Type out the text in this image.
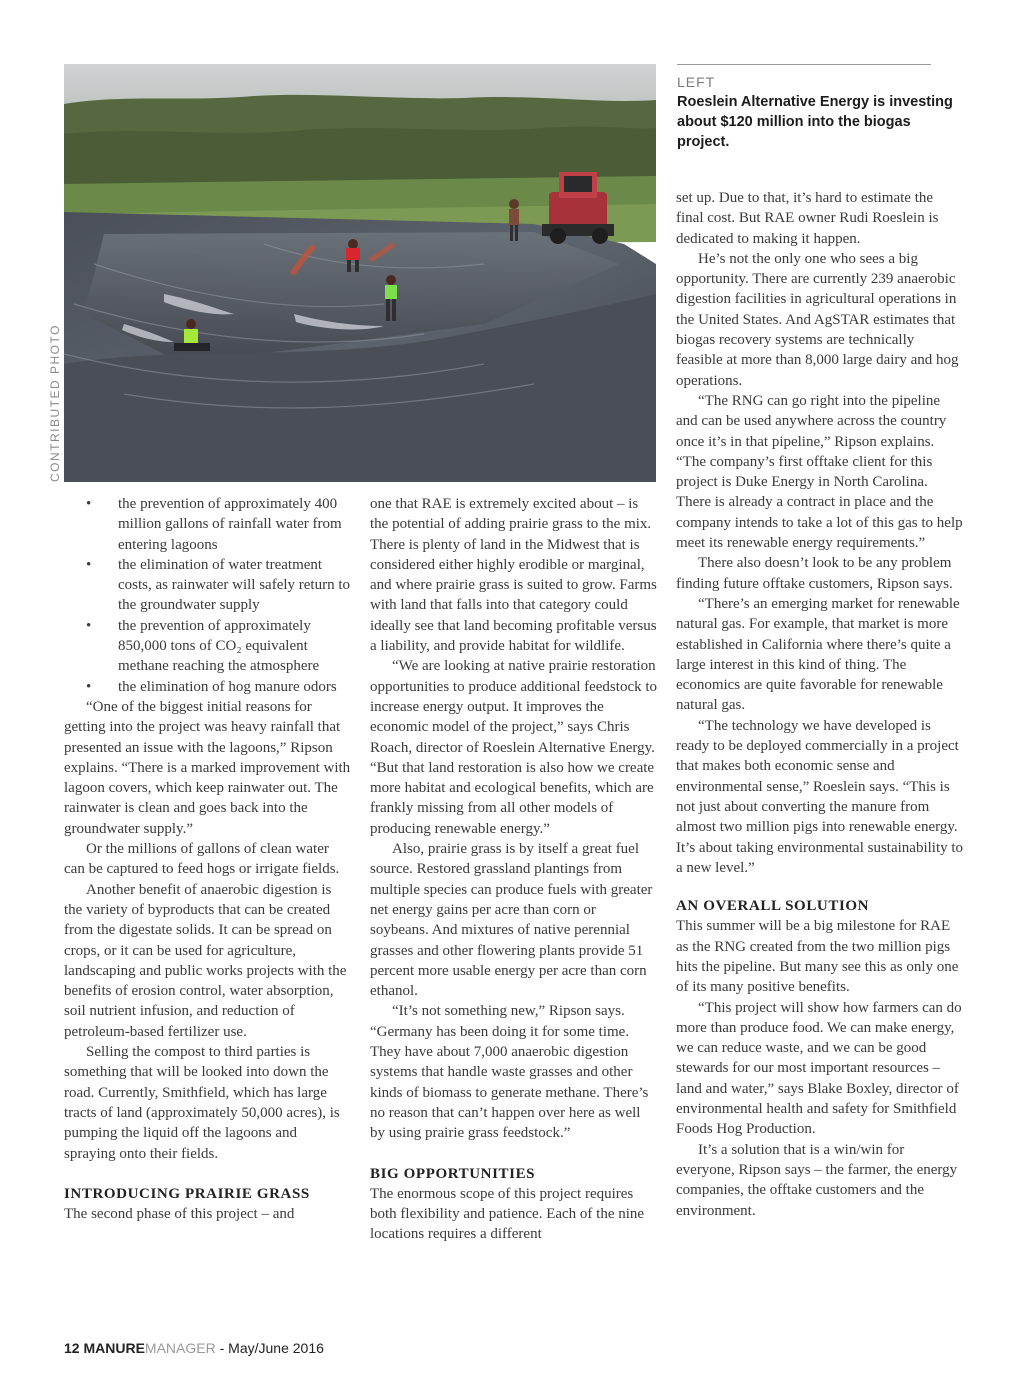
CONTRIBUTED PHOTO
LEFT
Roeslein Alternative Energy is investing about $120 million into the biogas project.
• the prevention of approximately 400 million gallons of rainfall water from entering lagoons
• the elimination of water treatment costs, as rainwater will safely return to the groundwater supply
• the prevention of approximately 850,000 tons of CO₂ equivalent methane reaching the atmosphere
• the elimination of hog manure odors

“One of the biggest initial reasons for getting into the project was heavy rainfall that presented an issue with the lagoons,” Ripson explains. “There is a marked improvement with lagoon covers, which keep rainwater out. The rainwater is clean and goes back into the groundwater supply.”

Or the millions of gallons of clean water can be captured to feed hogs or irrigate fields.

Another benefit of anaerobic digestion is the variety of byproducts that can be created from the digestate solids. It can be spread on crops, or it can be used for agriculture, landscaping and public works projects with the benefits of erosion control, water absorption, soil nutrient infusion, and reduction of petroleum-based fertilizer use.

Selling the compost to third parties is something that will be looked into down the road. Currently, Smithfield, which has large tracts of land (approximately 50,000 acres), is pumping the liquid off the lagoons and spraying onto their fields.

INTRODUCING PRAIRIE GRASS

The second phase of this project – and

one that RAE is extremely excited about – is the potential of adding prairie grass to the mix. There is plenty of land in the Midwest that is considered either highly erodible or marginal, and where prairie grass is suited to grow. Farms with land that falls into that category could ideally see that land becoming profitable versus a liability, and provide habitat for wildlife.

“We are looking at native prairie restoration opportunities to produce additional feedstock to increase energy output. It improves the economic model of the project,” says Chris Roach, director of Roeslein Alternative Energy. “But that land restoration is also how we create more habitat and ecological benefits, which are frankly missing from all other models of producing renewable energy.”

Also, prairie grass is by itself a great fuel source. Restored grassland plantings from multiple species can produce fuels with greater net energy gains per acre than corn or soybeans. And mixtures of native perennial grasses and other flowering plants provide 51 percent more usable energy per acre than corn ethanol.

“It’s not something new,” Ripson says. “Germany has been doing it for some time. They have about 7,000 anaerobic digestion systems that handle waste grasses and other kinds of biomass to generate methane. There’s no reason that can’t happen over here as well by using prairie grass feedstock.”

BIG OPPORTUNITIES

The enormous scope of this project requires both flexibility and patience. Each of the nine locations requires a different

set up. Due to that, it’s hard to estimate the final cost. But RAE owner Rudi Roeslein is dedicated to making it happen.

He’s not the only one who sees a big opportunity. There are currently 239 anaerobic digestion facilities in agricultural operations in the United States. And AgSTAR estimates that biogas recovery systems are technically feasible at more than 8,000 large dairy and hog operations.

“The RNG can go right into the pipeline and can be used anywhere across the country once it’s in that pipeline,” Ripson explains. “The company’s first offtake client for this project is Duke Energy in North Carolina. There is already a contract in place and the company intends to take a lot of this gas to help meet its renewable energy requirements.”

There also doesn’t look to be any problem finding future offtake customers, Ripson says.

“There’s an emerging market for renewable natural gas. For example, that market is more established in California where there’s quite a large interest in this kind of thing. The economics are quite favorable for renewable natural gas.

“The technology we have developed is ready to be deployed commercially in a project that makes both economic sense and environmental sense,” Roeslein says. “This is not just about converting the manure from almost two million pigs into renewable energy. It’s about taking environmental sustainability to a new level.”

AN OVERALL SOLUTION

This summer will be a big milestone for RAE as the RNG created from the two million pigs hits the pipeline. But many see this as only one of its many positive benefits.

“This project will show how farmers can do more than produce food. We can make energy, we can reduce waste, and we can be good stewards for our most important resources – land and water,” says Blake Boxley, director of environmental health and safety for Smithfield Foods Hog Production.

It’s a solution that is a win/win for everyone, Ripson says – the farmer, the energy companies, the offtake customers and the environment.

12 MANUREMANAGER - May/June 2016
